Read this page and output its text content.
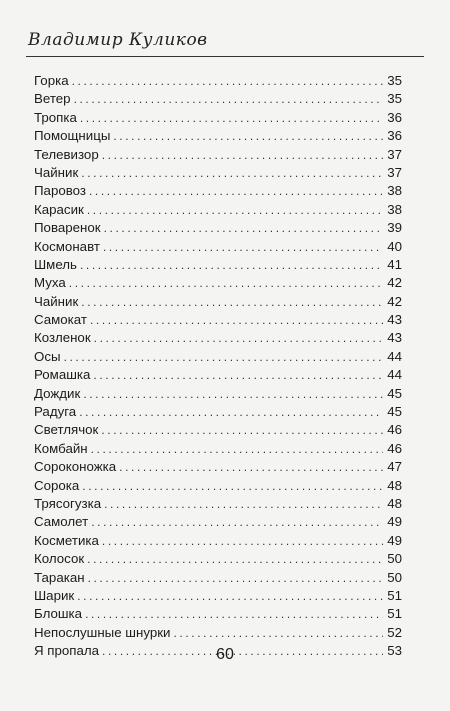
Владимир Куликов
Горка .....	35
Ветер .....	35
Тропка .....	36
Помощницы .....	36
Телевизор .....	37
Чайник .....	37
Паровоз .....	38
Карасик .....	38
Поваренок .....	39
Космонавт .....	40
Шмель .....	41
Муха .....	42
Чайник .....	42
Самокат .....	43
Козленок .....	43
Осы .....	44
Ромашка .....	44
Дождик .....	45
Радуга .....	45
Светлячок .....	46
Комбайн .....	46
Сороконожка .....	47
Сорока .....	48
Трясогузка .....	48
Самолет .....	49
Косметика .....	49
Колосок .....	50
Таракан .....	50
Шарик .....	51
Блошка .....	51
Непослушные шнурки .....	52
Я пропала .....	53
60
